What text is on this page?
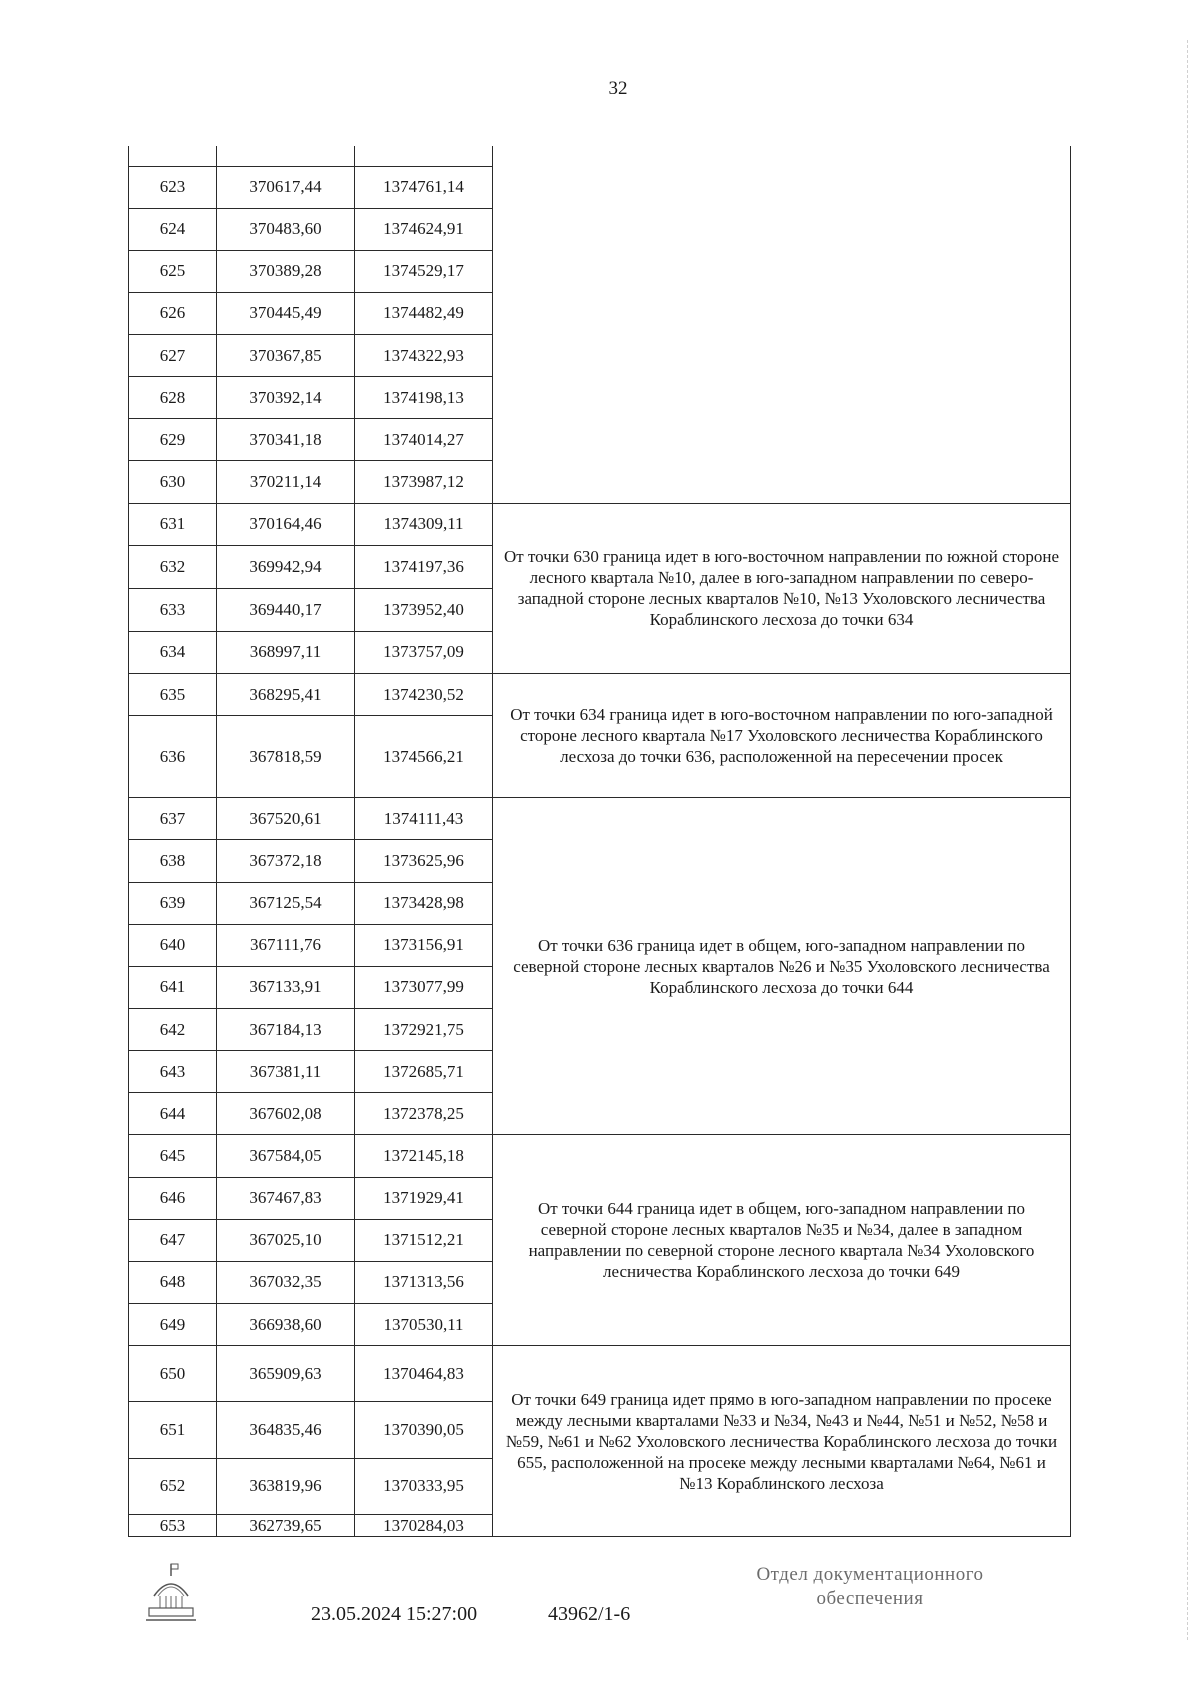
32

623	370617,44	1374761,14	
624	370483,60	1374624,91	
625	370389,28	1374529,17	
626	370445,49	1374482,49	
627	370367,85	1374322,93	
628	370392,14	1374198,13	
629	370341,18	1374014,27	
630	370211,14	1373987,12	
631	370164,46	1374309,11	От точки 630 граница идет в юго-восточном направлении по южной стороне лесного квартала №10, далее в юго-западном направлении по северо-западной стороне лесных кварталов №10, №13 Ухоловского лесничества Кораблинского лесхоза до точки 634
632	369942,94	1374197,36	
633	369440,17	1373952,40	
634	368997,11	1373757,09	
635	368295,41	1374230,52	От точки 634 граница идет в юго-восточном направлении по юго-западной стороне лесного квартала №17 Ухоловского лесничества Кораблинского лесхоза до точки 636, расположенной на пересечении просек
636	367818,59	1374566,21	
637	367520,61	1374111,43	От точки 636 граница идет в общем, юго-западном направлении по северной стороне лесных кварталов №26 и №35 Ухоловского лесничества Кораблинского лесхоза до точки 644
638	367372,18	1373625,96	
639	367125,54	1373428,98	
640	367111,76	1373156,91	
641	367133,91	1373077,99	
642	367184,13	1372921,75	
643	367381,11	1372685,71	
644	367602,08	1372378,25	
645	367584,05	1372145,18	От точки 644 граница идет в общем, юго-западном направлении по северной стороне лесных кварталов №35 и №34, далее в западном направлении по северной стороне лесного квартала №34 Ухоловского лесничества Кораблинского лесхоза до точки 649
646	367467,83	1371929,41	
647	367025,10	1371512,21	
648	367032,35	1371313,56	
649	366938,60	1370530,11	
650	365909,63	1370464,83	От точки 649 граница идет прямо в юго-западном направлении по просеке между лесными кварталами №33 и №34, №43 и №44, №51 и №52, №58 и №59, №61 и №62 Ухоловского лесничества Кораблинского лесхоза до точки 655, расположенной на просеке между лесными кварталами №64, №61 и №13 Кораблинского лесхоза
651	364835,46	1370390,05	
652	363819,96	1370333,95	
653	362739,65	1370284,03	
23.05.2024 15:27:00	43962/1-6
Отдел документационного
обеспечения
